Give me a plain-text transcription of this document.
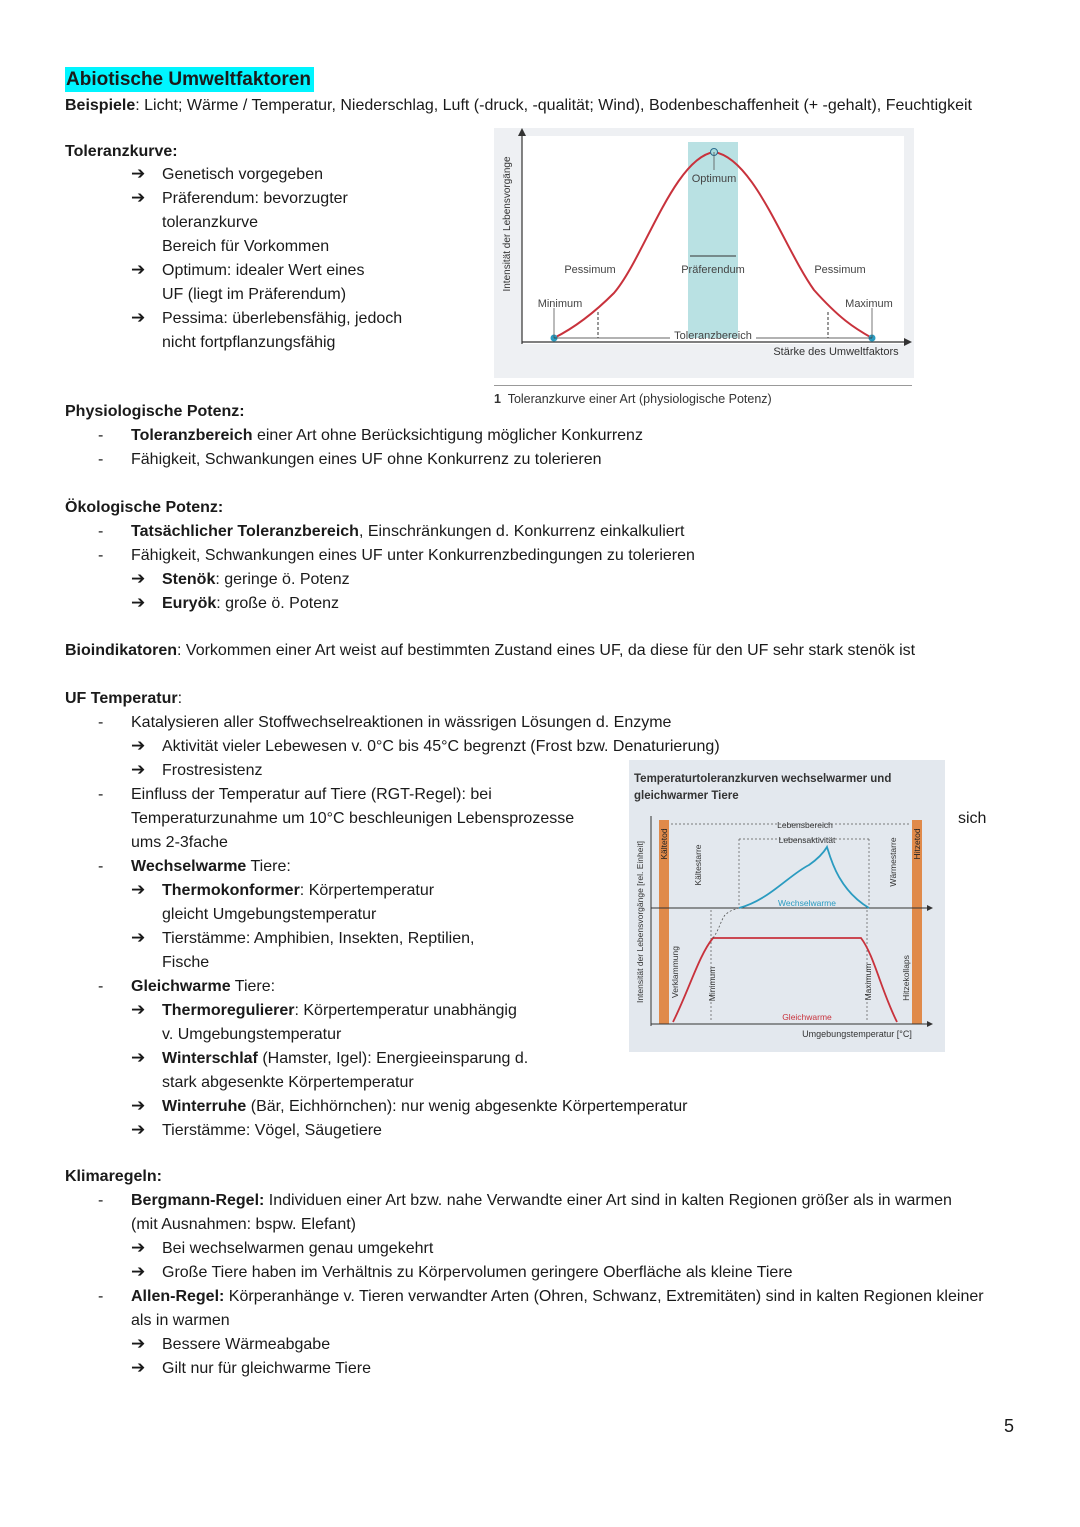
Abiotische Umweltfaktoren
Beispiele: Licht; Wärme / Temperatur, Niederschlag, Luft (-druck, -qualität; Wind), Bodenbeschaffenheit (+ -gehalt), Feuchtigkeit
Toleranzkurve:
➔ Genetisch vorgegeben
➔ Präferendum: bevorzugter
toleranzkurve
Bereich für Vorkommen
➔ Optimum: idealer Wert eines
UF (liegt im Präferendum)
➔ Pessima: überlebensfähig, jedoch
nicht fortpflanzungsfähig
Intensität der Lebensvorgänge	Optimum
Präferendum
Pessimum	Pessimum
Minimum	Maximum
Toleranzbereich
Stärke des Umweltfaktors
1 Toleranzkurve einer Art (physiologische Potenz)
Physiologische Potenz:
- Toleranzbereich einer Art ohne Berücksichtigung möglicher Konkurrenz
- Fähigkeit, Schwankungen eines UF ohne Konkurrenz zu tolerieren
Ökologische Potenz:
- Tatsächlicher Toleranzbereich, Einschränkungen d. Konkurrenz einkalkuliert
- Fähigkeit, Schwankungen eines UF unter Konkurrenzbedingungen zu tolerieren
➔ Stenök: geringe ö. Potenz
➔ Euryök: große ö. Potenz
Bioindikatoren: Vorkommen einer Art weist auf bestimmten Zustand eines UF, da diese für den UF sehr stark stenök ist
UF Temperatur:
- Katalysieren aller Stoffwechselreaktionen in wässrigen Lösungen d. Enzyme
➔ Aktivität vieler Lebewesen v. 0°C bis 45°C begrenzt (Frost bzw. Denaturierung)
➔ Frostresistenz
- Einfluss der Temperatur auf Tiere (RGT-Regel): bei
Temperaturzunahme um 10°C beschleunigen Lebensprozesse	sich
ums 2-3fache
- Wechselwarme Tiere:
➔ Thermokonformer: Körpertemperatur
gleicht Umgebungstemperatur
➔ Tierstämme: Amphibien, Insekten, Reptilien,
Fische
- Gleichwarme Tiere:
➔ Thermoregulierer: Körpertemperatur unabhängig
v. Umgebungstemperatur
➔ Winterschlaf (Hamster, Igel): Energieeinsparung d.
stark abgesenkte Körpertemperatur
➔ Winterruhe (Bär, Eichhörnchen): nur wenig abgesenkte Körpertemperatur
➔ Tierstämme: Vögel, Säugetiere
Temperaturtoleranzkurven wechselwarmer und
gleichwarmer Tiere
Intensität der Lebensvorgänge [rel. Einheit] Kältetod
Kältestarre
Lebensbereich
Lebensaktivität	Wärmestarre Hitzetod
Wechselwarme
Verklammung	Minimum	Maximum	Hitzekollaps
Gleichwarme
Umgebungstemperatur [°C]
Klimaregeln:
- Bergmann-Regel: Individuen einer Art bzw. nahe Verwandte einer Art sind in kalten Regionen größer als in warmen
(mit Ausnahmen: bspw. Elefant)
➔ Bei wechselwarmen genau umgekehrt
➔ Große Tiere haben im Verhältnis zu Körpervolumen geringere Oberfläche als kleine Tiere
- Allen-Regel: Körperanhänge v. Tieren verwandter Arten (Ohren, Schwanz, Extremitäten) sind in kalten Regionen kleiner
als in warmen
➔ Bessere Wärmeabgabe
➔ Gilt nur für gleichwarme Tiere
5
